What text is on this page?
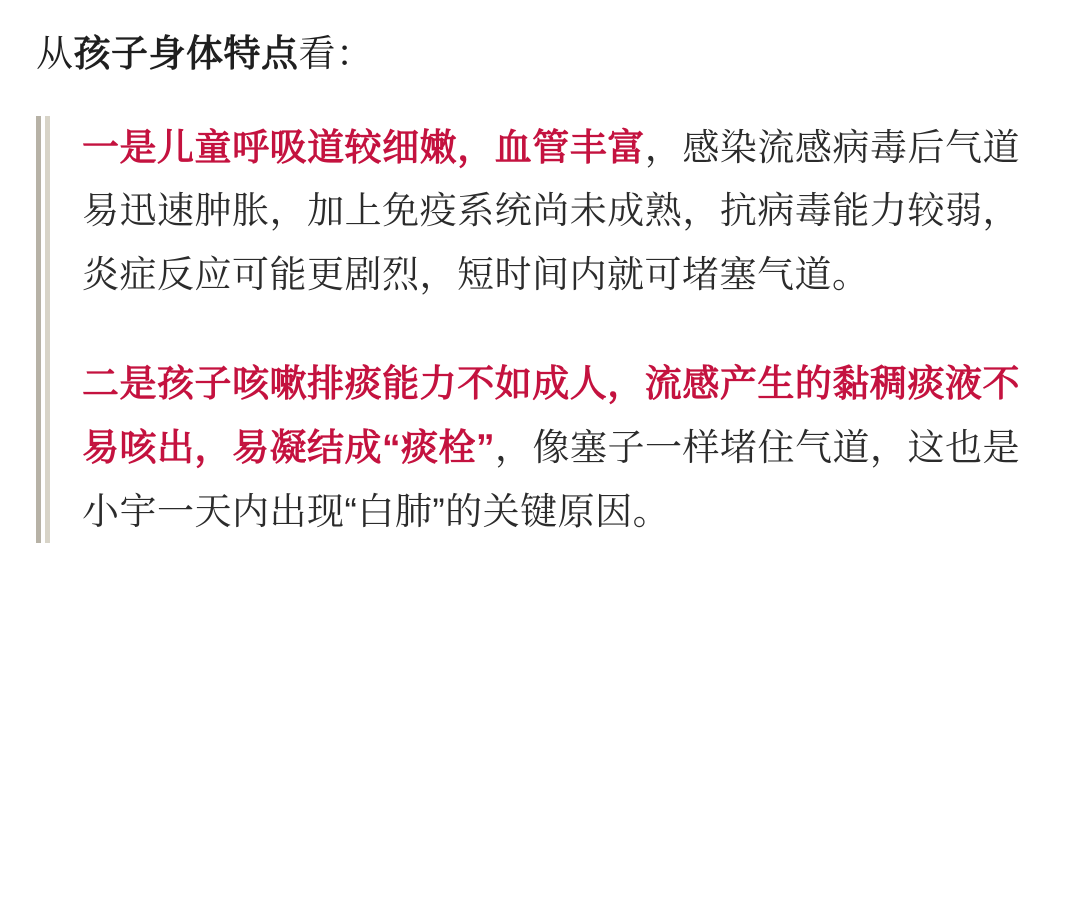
从孩子身体特点看：

一是儿童呼吸道较细嫩，血管丰富，感染流感病毒后气道易迅速肿胀，加上免疫系统尚未成熟，抗病毒能力较弱，炎症反应可能更剧烈，短时间内就可堵塞气道。

二是孩子咳嗽排痰能力不如成人，流感产生的黏稠痰液不易咳出，易凝结成“痰栓”，像塞子一样堵住气道，这也是小宇一天内出现“白肺”的关键原因。
